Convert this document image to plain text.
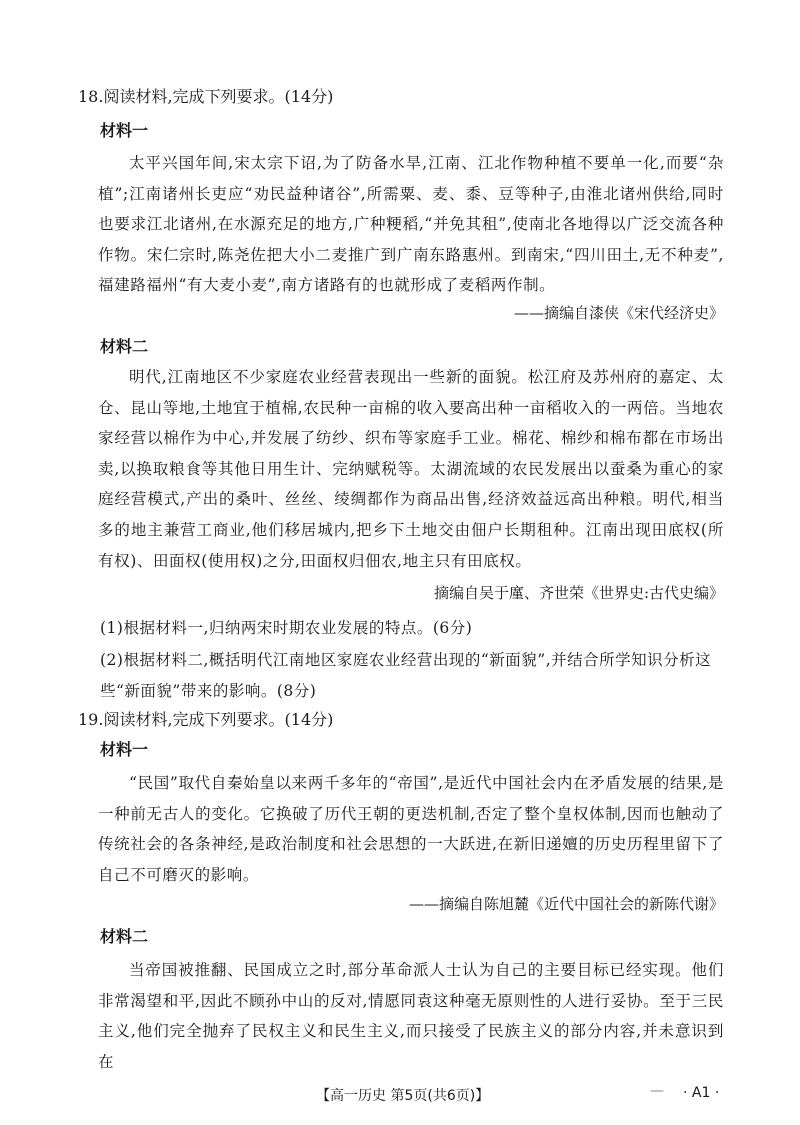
18.阅读材料,完成下列要求。(14分)
材料一

太平兴国年间,宋太宗下诏,为了防备水旱,江南、江北作物种植不要单一化,而要“杂植”;江南诸州长吏应“劝民益种诸谷”,所需粟、麦、黍、豆等种子,由淮北诸州供给,同时也要求江北诸州,在水源充足的地方,广种粳稻,“并免其租”,使南北各地得以广泛交流各种作物。宋仁宗时,陈尧佐把大小二麦推广到广南东路惠州。到南宋,“四川田土,无不种麦”,福建路福州“有大麦小麦”,南方诸路有的也就形成了麦稻两作制。

——摘编自漆侠《宋代经济史》
材料二

明代,江南地区不少家庭农业经营表现出一些新的面貌。松江府及苏州府的嘉定、太仓、昆山等地,土地宜于植棉,农民种一亩棉的收入要高出种一亩稻收入的一两倍。当地农家经营以棉作为中心,并发展了纺纱、织布等家庭手工业。棉花、棉纱和棉布都在市场出卖,以换取粮食等其他日用生计、完纳赋税等。太湖流域的农民发展出以蚕桑为重心的家庭经营模式,产出的桑叶、丝丝、绫绸都作为商品出售,经济效益远高出种粮。明代,相当多的地主兼营工商业,他们移居城内,把乡下土地交由佃户长期租种。江南出现田底权(所有权)、田面权(使用权)之分,田面权归佃农,地主只有田底权。

摘编自吴于廑、齐世荣《世界史:古代史编》

(1)根据材料一,归纳两宋时期农业发展的特点。(6分)

(2)根据材料二,概括明代江南地区家庭农业经营出现的“新面貌”,并结合所学知识分析这些“新面貌”带来的影响。(8分)

19.阅读材料,完成下列要求。(14分)
材料一

“民国”取代自秦始皇以来两千多年的“帝国”,是近代中国社会内在矛盾发展的结果,是一种前无古人的变化。它换破了历代王朝的更迭机制,否定了整个皇权体制,因而也触动了传统社会的各条神经,是政治制度和社会思想的一大跃进,在新旧递嬗的历史历程里留下了自己不可磨灭的影响。

——摘编自陈旭麓《近代中国社会的新陈代谢》
材料二

当帝国被推翻、民国成立之时,部分革命派人士认为自己的主要目标已经实现。他们非常渴望和平,因此不顾孙中山的反对,情愿同袁这种毫无原则性的人进行妥协。至于三民主义,他们完全抛弃了民权主义和民生主义,而只接受了民族主义的部分内容,并未意识到在

【高一历史 第5页(共6页)】	— · A1 ·
